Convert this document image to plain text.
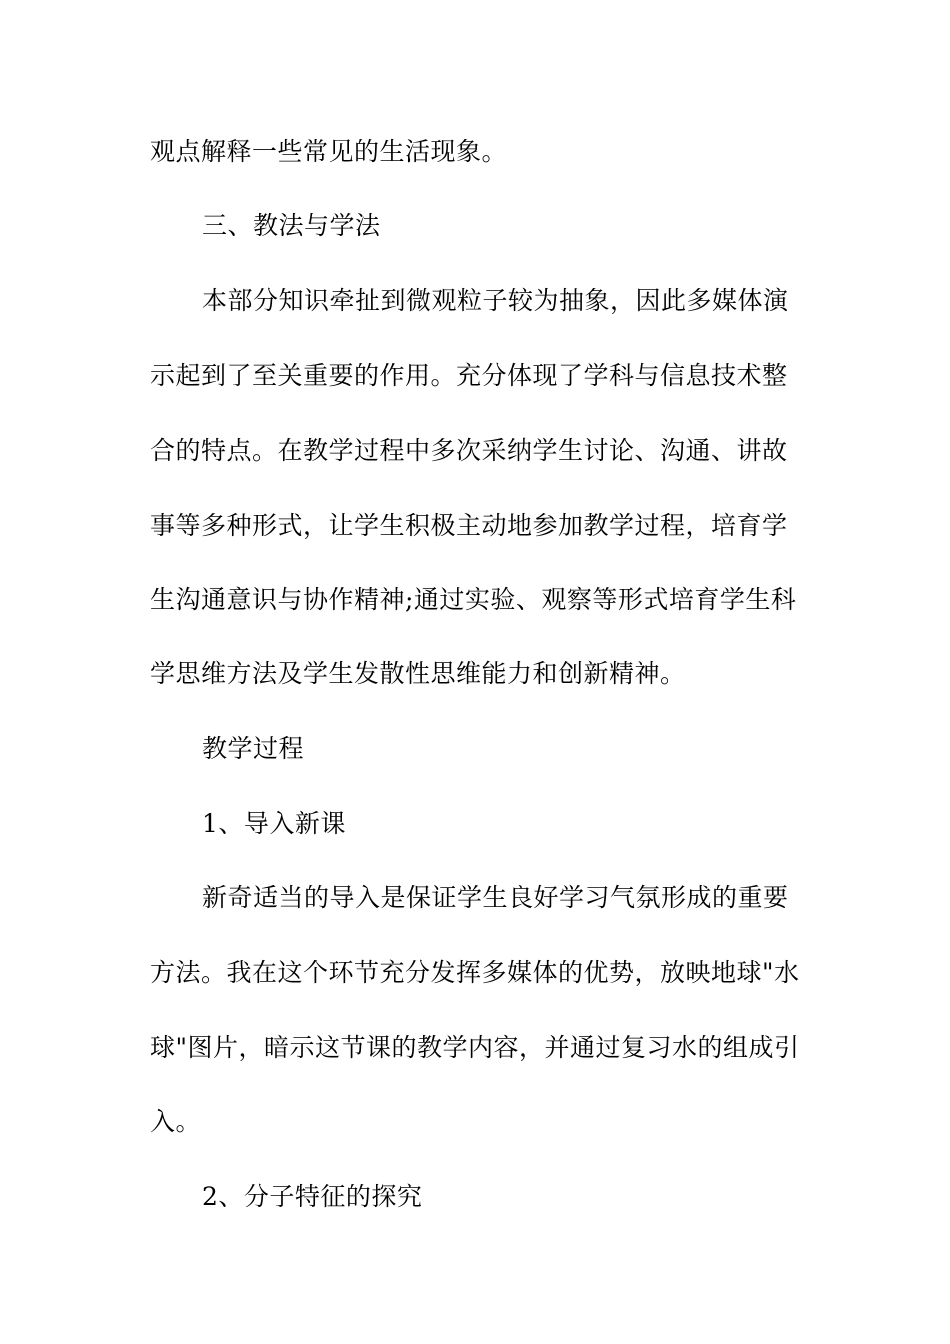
观点解释一些常见的生活现象。
三、教法与学法
本部分知识牵扯到微观粒子较为抽象，因此多媒体演
示起到了至关重要的作用。充分体现了学科与信息技术整
合的特点。在教学过程中多次采纳学生讨论、沟通、讲故
事等多种形式，让学生积极主动地参加教学过程，培育学
生沟通意识与协作精神;通过实验、观察等形式培育学生科
学思维方法及学生发散性思维能力和创新精神。
教学过程
1、导入新课
新奇适当的导入是保证学生良好学习气氛形成的重要
方法。我在这个环节充分发挥多媒体的优势，放映地球"水
球"图片，暗示这节课的教学内容，并通过复习水的组成引
入。
2、分子特征的探究
